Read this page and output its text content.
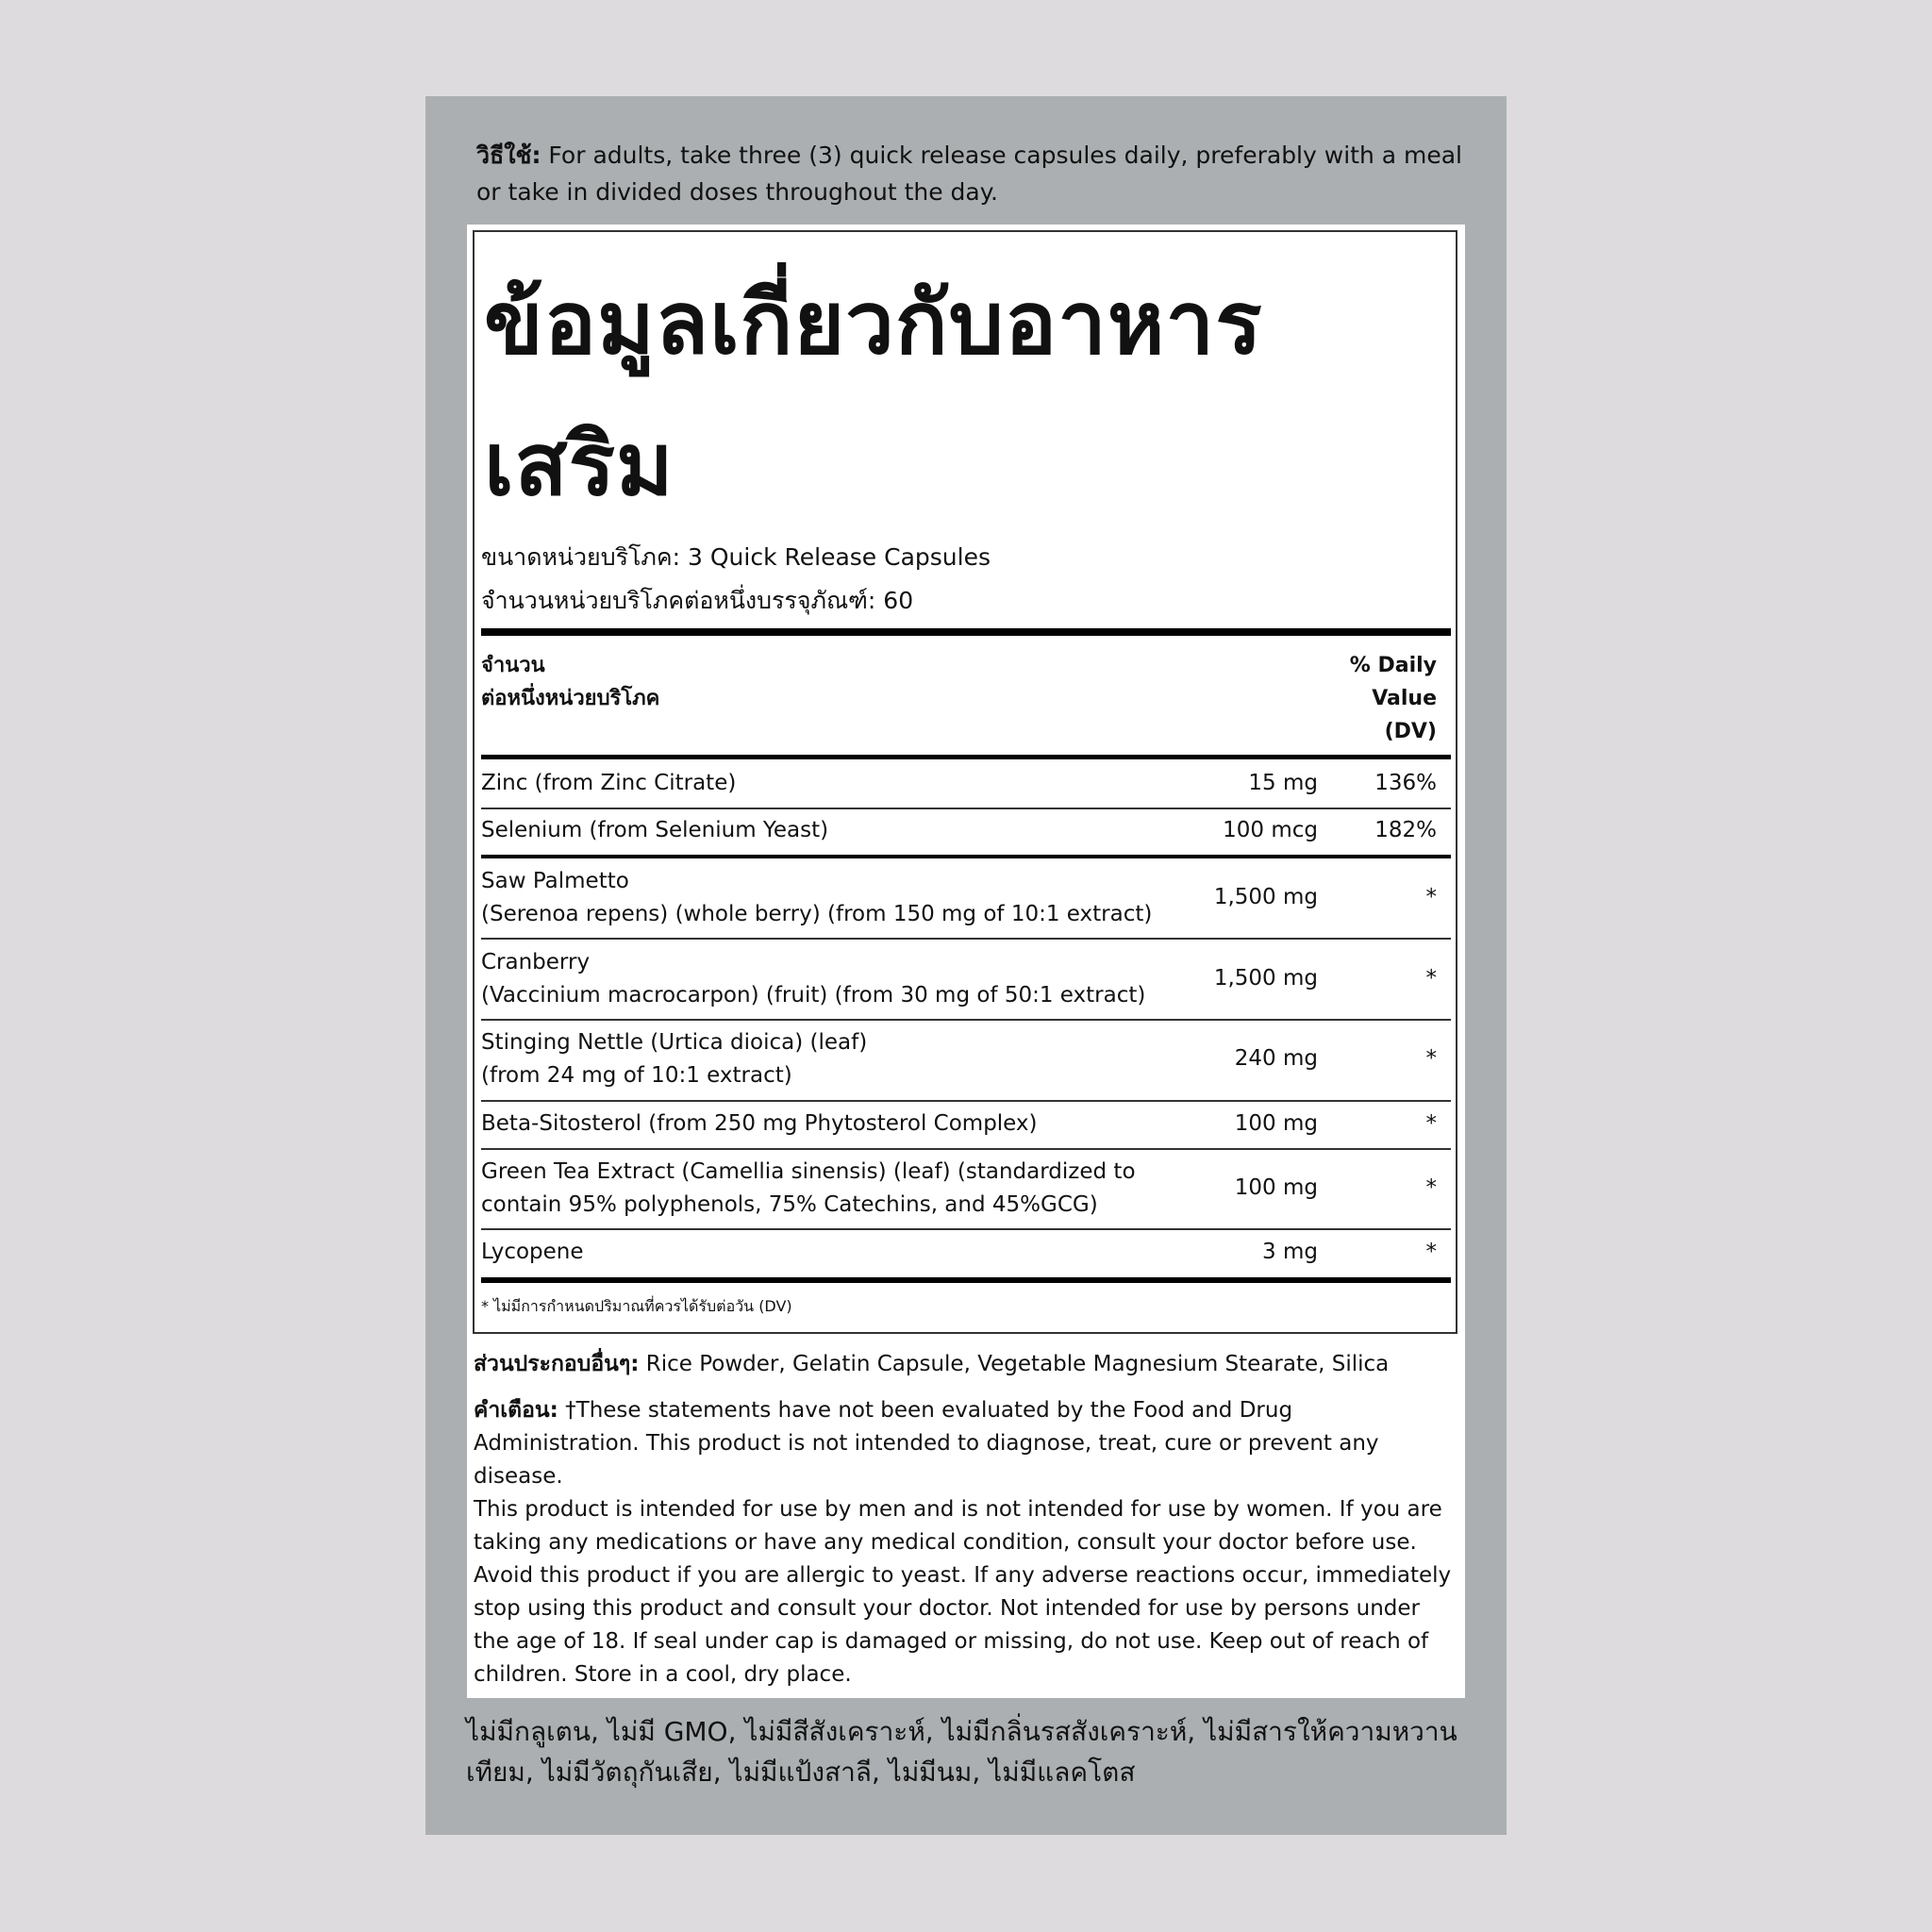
วิธีใช้: For adults, take three (3) quick release capsules daily, preferably with a meal or take in divided doses throughout the day.
ข้อมูลเกี่ยวกับอาหารเสริม
ขนาดหน่วยบริโภค: 3 Quick Release Capsules
จำนวนหน่วยบริโภคต่อหนึ่งบรรจุภัณฑ์: 60
จำนวน
ต่อหนึ่งหน่วยบริโภค
% Daily
Value
(DV)
Zinc (from Zinc Citrate)	15 mg	136%
Selenium (from Selenium Yeast)	100 mcg	182%
Saw Palmetto
(Serenoa repens) (whole berry) (from 150 mg of 10:1 extract)
1,500 mg	*
Cranberry
(Vaccinium macrocarpon) (fruit) (from 30 mg of 50:1 extract)
1,500 mg	*
Stinging Nettle (Urtica dioica) (leaf)
(from 24 mg of 10:1 extract)
240 mg	*
Beta-Sitosterol (from 250 mg Phytosterol Complex)	100 mg	*
Green Tea Extract (Camellia sinensis) (leaf) (standardized to
contain 95% polyphenols, 75% Catechins, and 45%GCG)
100 mg	*
Lycopene	3 mg	*
* ไม่มีการกำหนดปริมาณที่ควรได้รับต่อวัน (DV)
ส่วนประกอบอื่นๆ: Rice Powder, Gelatin Capsule, Vegetable Magnesium Stearate, Silica
คำเตือน: †These statements have not been evaluated by the Food and Drug Administration. This product is not intended to diagnose, treat, cure or prevent any disease.
This product is intended for use by men and is not intended for use by women. If you are taking any medications or have any medical condition, consult your doctor before use. Avoid this product if you are allergic to yeast. If any adverse reactions occur, immediately stop using this product and consult your doctor. Not intended for use by persons under the age of 18. If seal under cap is damaged or missing, do not use. Keep out of reach of children. Store in a cool, dry place.
ไม่มีกลูเตน, ไม่มี GMO, ไม่มีสีสังเคราะห์, ไม่มีกลิ่นรสสังเคราะห์, ไม่มีสารให้ความหวานเทียม, ไม่มีวัตถุกันเสีย, ไม่มีแป้งสาลี, ไม่มีนม, ไม่มีแลคโตส
